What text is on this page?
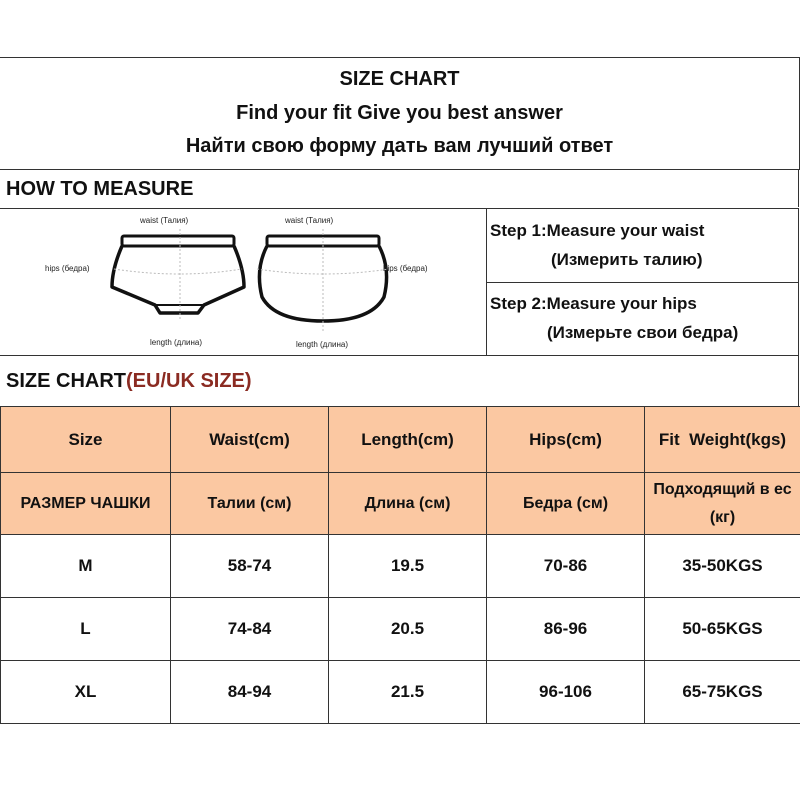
SIZE CHART
Find your fit Give you best answer
Найти свою форму дать вам лучший ответ
HOW TO MEASURE
waist (Талия)	waist (Талия)
hips (бедра)	hips (бедра)
length (длина)	length (длина)
Step 1:Measure your waist
(Измерить талию)
Step 2:Measure your hips
(Измерьте свои бедра)
SIZE CHART(EU/UK SIZE)
Size	Waist(cm)	Length(cm)	Hips(cm)	Fit  Weight(kgs)
РАЗМЕР ЧАШКИ	Талии (см)	Длина (см)	Бедра (см)	Подходящий в ес (кг)
M	58-74	19.5	70-86	35-50KGS
L	74-84	20.5	86-96	50-65KGS
XL	84-94	21.5	96-106	65-75KGS
